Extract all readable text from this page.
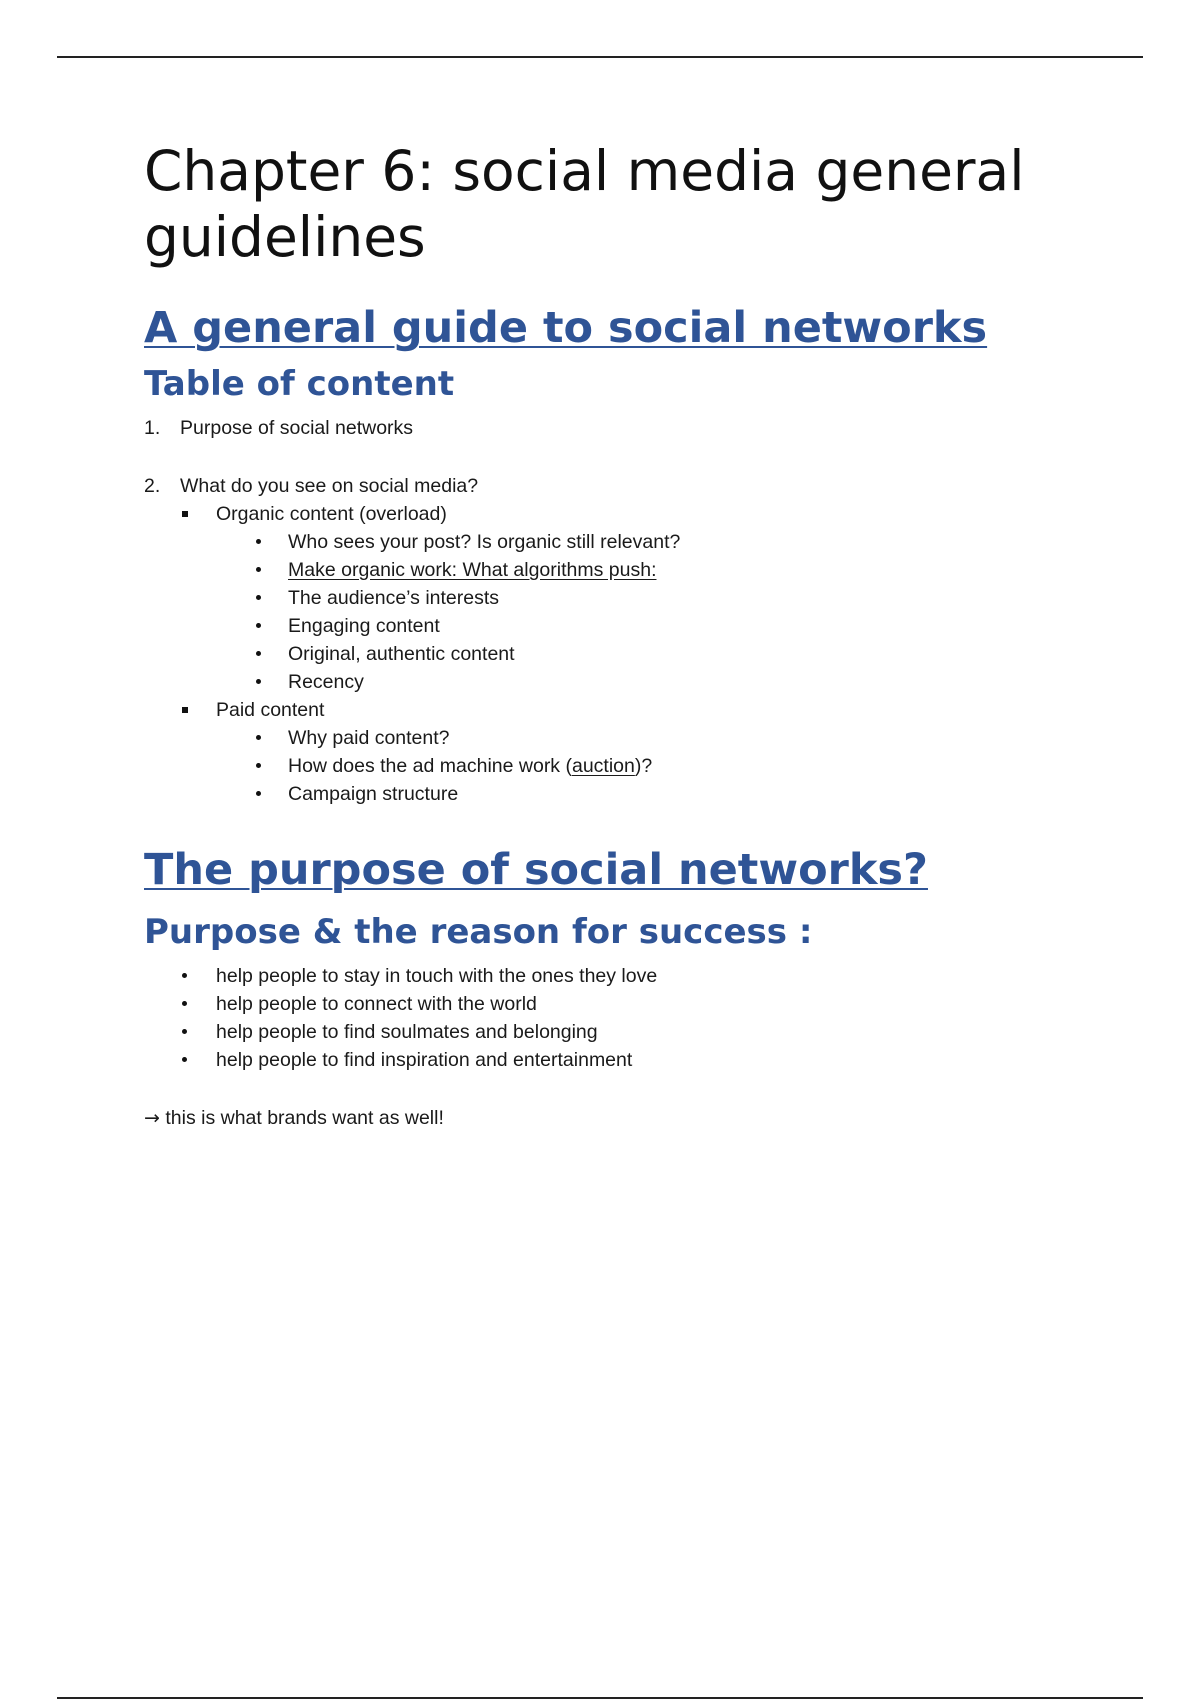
Chapter 6: social media general guidelines
A general guide to social networks
Table of content
1. Purpose of social networks
2. What do you see on social media?
Organic content (overload)
Who sees your post? Is organic still relevant?
Make organic work: What algorithms push:
The audience’s interests
Engaging content
Original, authentic content
Recency
Paid content
Why paid content?
How does the ad machine work (auction)?
Campaign structure
The purpose of social networks?
Purpose & the reason for success :
help people to stay in touch with the ones they love
help people to connect with the world
help people to find soulmates and belonging
help people to find inspiration and entertainment

→ this is what brands want as well!
